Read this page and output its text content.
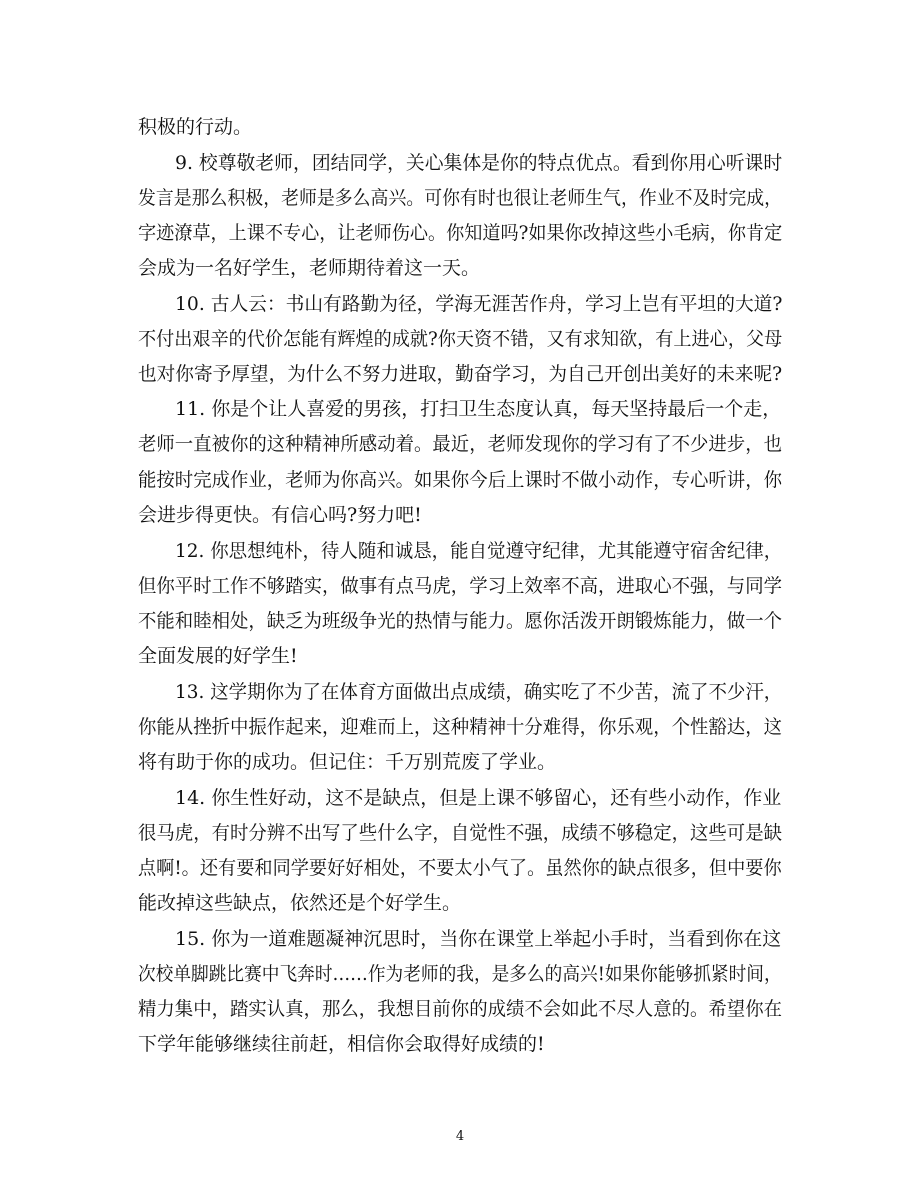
积极的行动。
9. 校尊敬老师，团结同学，关心集体是你的特点优点。看到你用心听课时
发言是那么积极，老师是多么高兴。可你有时也很让老师生气，作业不及时完成，
字迹潦草，上课不专心，让老师伤心。你知道吗?如果你改掉这些小毛病，你肯定
会成为一名好学生，老师期待着这一天。
10. 古人云：书山有路勤为径，学海无涯苦作舟，学习上岂有平坦的大道?
不付出艰辛的代价怎能有辉煌的成就?你天资不错，又有求知欲，有上进心，父母
也对你寄予厚望，为什么不努力进取，勤奋学习，为自己开创出美好的未来呢?
11. 你是个让人喜爱的男孩，打扫卫生态度认真，每天坚持最后一个走，
老师一直被你的这种精神所感动着。最近，老师发现你的学习有了不少进步，也
能按时完成作业，老师为你高兴。如果你今后上课时不做小动作，专心听讲，你
会进步得更快。有信心吗?努力吧!
12. 你思想纯朴，待人随和诚恳，能自觉遵守纪律，尤其能遵守宿舍纪律，
但你平时工作不够踏实，做事有点马虎，学习上效率不高，进取心不强，与同学
不能和睦相处，缺乏为班级争光的热情与能力。愿你活泼开朗锻炼能力，做一个
全面发展的好学生!
13. 这学期你为了在体育方面做出点成绩，确实吃了不少苦，流了不少汗，
你能从挫折中振作起来，迎难而上，这种精神十分难得，你乐观，个性豁达，这
将有助于你的成功。但记住：千万别荒废了学业。
14. 你生性好动，这不是缺点，但是上课不够留心，还有些小动作，作业
很马虎，有时分辨不出写了些什么字，自觉性不强，成绩不够稳定，这些可是缺
点啊!。还有要和同学要好好相处，不要太小气了。虽然你的缺点很多，但中要你
能改掉这些缺点，依然还是个好学生。
15. 你为一道难题凝神沉思时，当你在课堂上举起小手时，当看到你在这
次校单脚跳比赛中飞奔时……作为老师的我，是多么的高兴!如果你能够抓紧时间，
精力集中，踏实认真，那么，我想目前你的成绩不会如此不尽人意的。希望你在
下学年能够继续往前赶，相信你会取得好成绩的!
4
